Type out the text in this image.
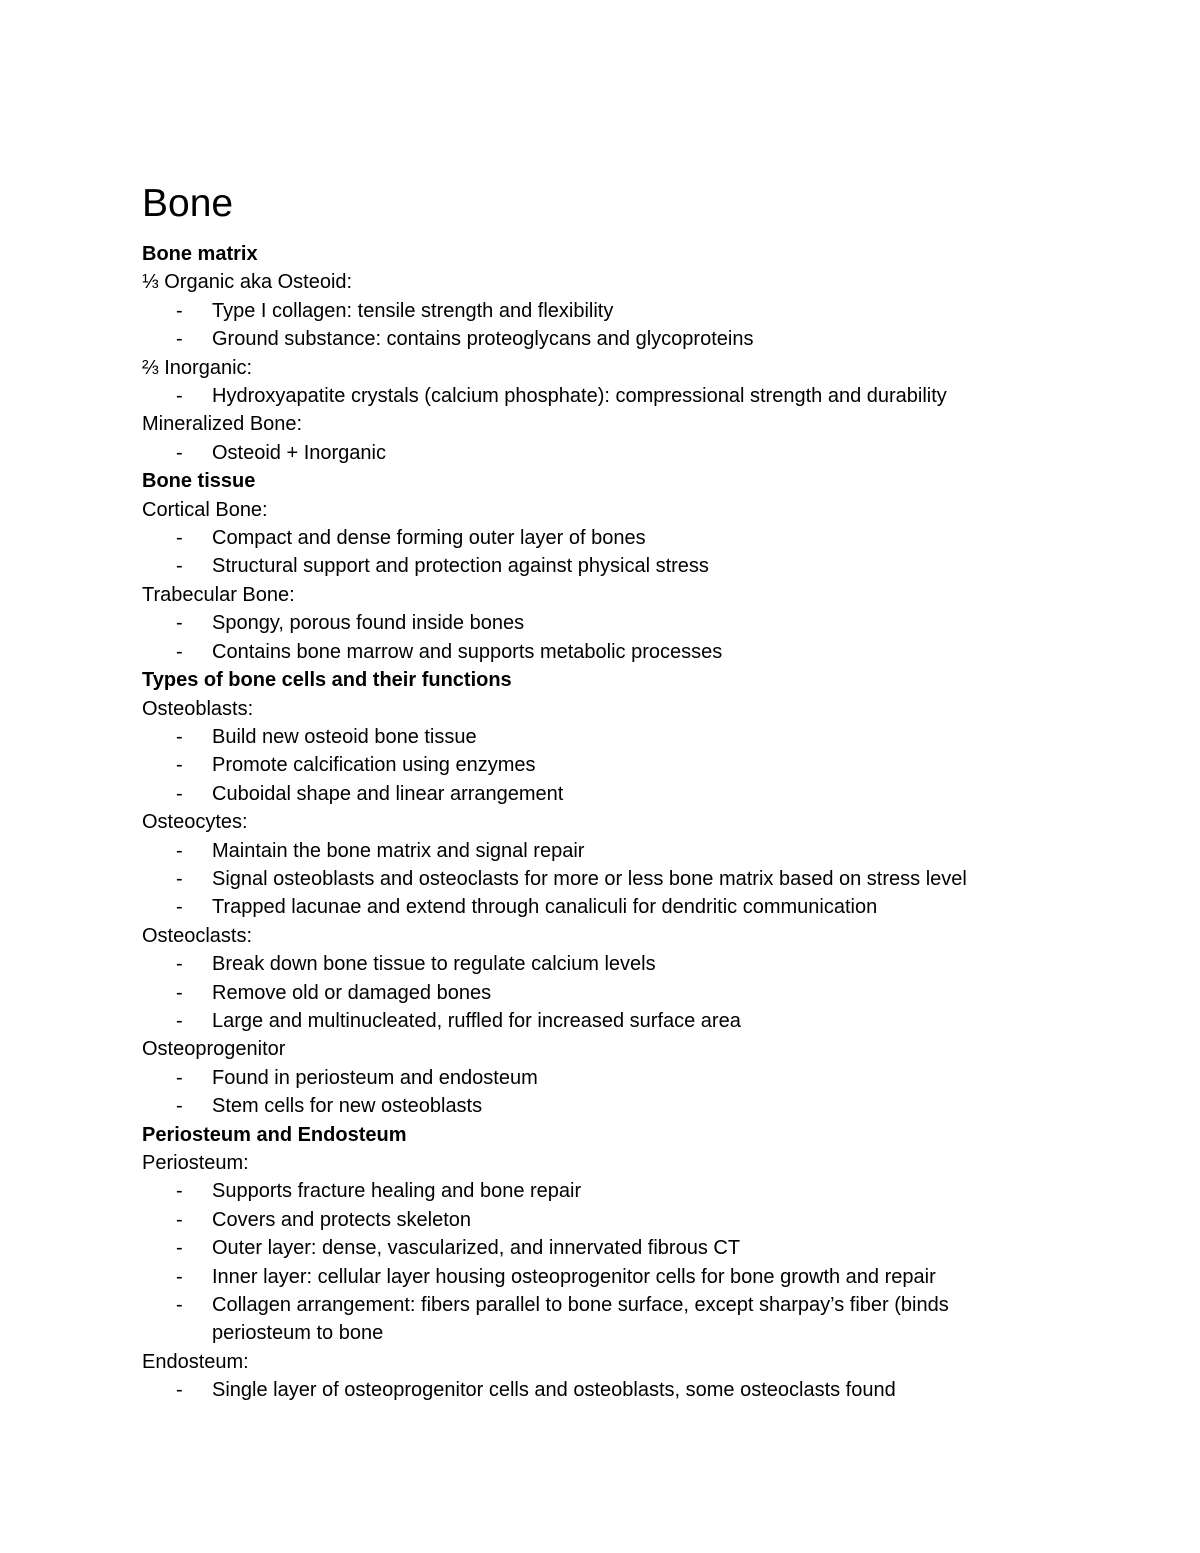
Bone
Bone matrix
⅓ Organic aka Osteoid:
- Type I collagen: tensile strength and flexibility
- Ground substance: contains proteoglycans and glycoproteins
⅔ Inorganic:
- Hydroxyapatite crystals (calcium phosphate): compressional strength and durability
Mineralized Bone:
- Osteoid + Inorganic
Bone tissue
Cortical Bone:
- Compact and dense forming outer layer of bones
- Structural support and protection against physical stress
Trabecular Bone:
- Spongy, porous found inside bones
- Contains bone marrow and supports metabolic processes
Types of bone cells and their functions
Osteoblasts:
- Build new osteoid bone tissue
- Promote calcification using enzymes
- Cuboidal shape and linear arrangement
Osteocytes:
- Maintain the bone matrix and signal repair
- Signal osteoblasts and osteoclasts for more or less bone matrix based on stress level
- Trapped lacunae and extend through canaliculi for dendritic communication
Osteoclasts:
- Break down bone tissue to regulate calcium levels
- Remove old or damaged bones
- Large and multinucleated, ruffled for increased surface area
Osteoprogenitor
- Found in periosteum and endosteum
- Stem cells for new osteoblasts
Periosteum and Endosteum
Periosteum:
- Supports fracture healing and bone repair
- Covers and protects skeleton
- Outer layer: dense, vascularized, and innervated fibrous CT
- Inner layer: cellular layer housing osteoprogenitor cells for bone growth and repair
- Collagen arrangement: fibers parallel to bone surface, except sharpay’s fiber (binds periosteum to bone
Endosteum:
- Single layer of osteoprogenitor cells and osteoblasts, some osteoclasts found
